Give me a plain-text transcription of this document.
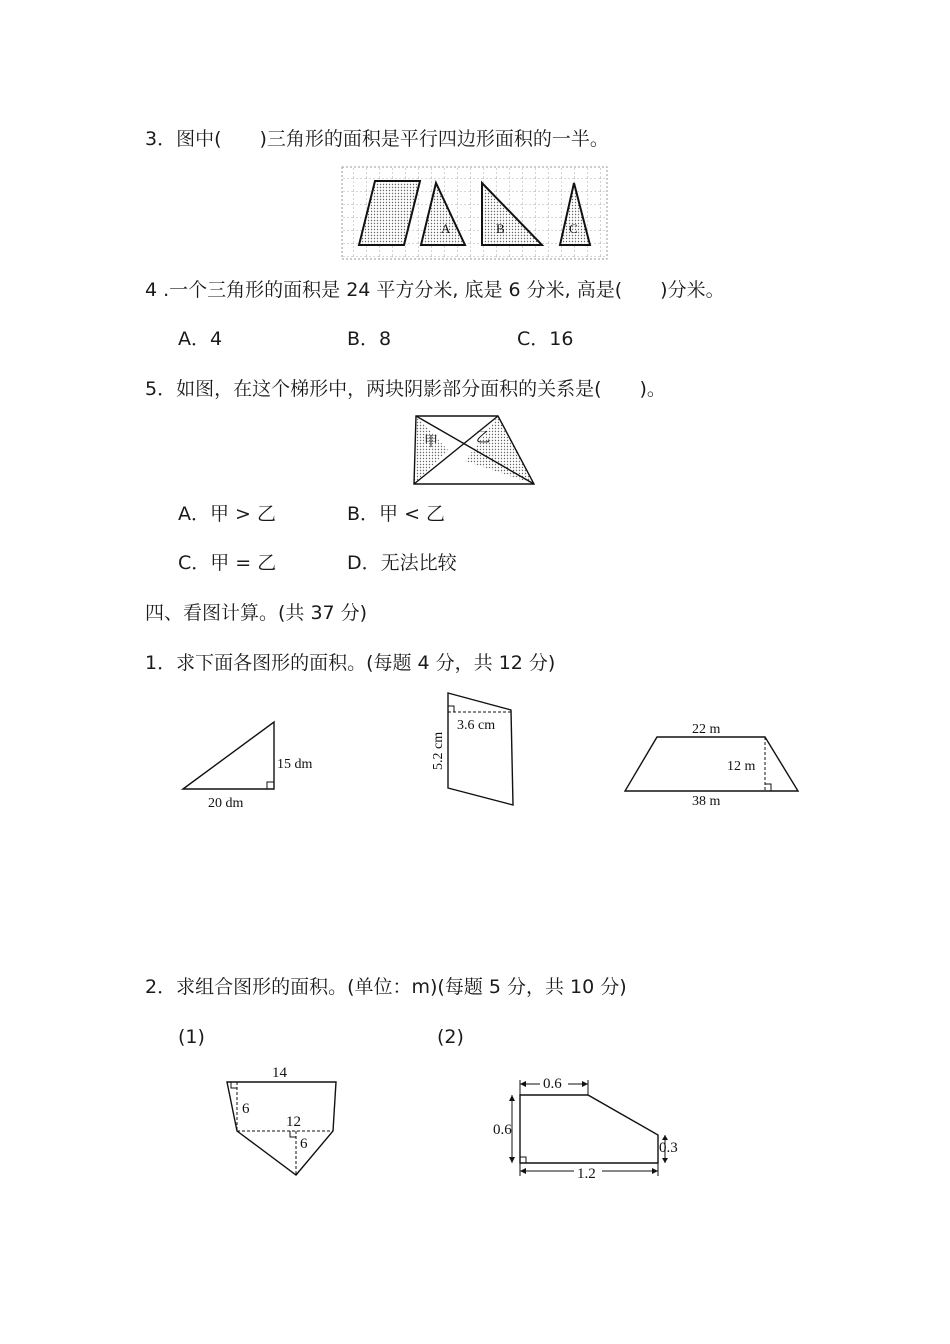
3．图中(　　)三角形的面积是平行四边形面积的一半。
A	B	C
4 .一个三角形的面积是 24 平方分米, 底是 6 分米, 高是(　　)分米。
A．4	B．8	C．16
5．如图，在这个梯形中，两块阴影部分面积的关系是(　　)。
甲	乙
A．甲 > 乙	B．甲 < 乙
C．甲 = 乙	D．无法比较
四、看图计算。(共 37 分)
1．求下面各图形的面积。(每题 4 分，共 12 分)
15 dm
20 dm
3.6 cm
5.2 cm
22 m
12 m
38 m
2．求组合图形的面积。(单位：m)(每题 5 分，共 10 分)
(1)	(2)
14
6
12
6
0.6
0.6
0.3
1.2
